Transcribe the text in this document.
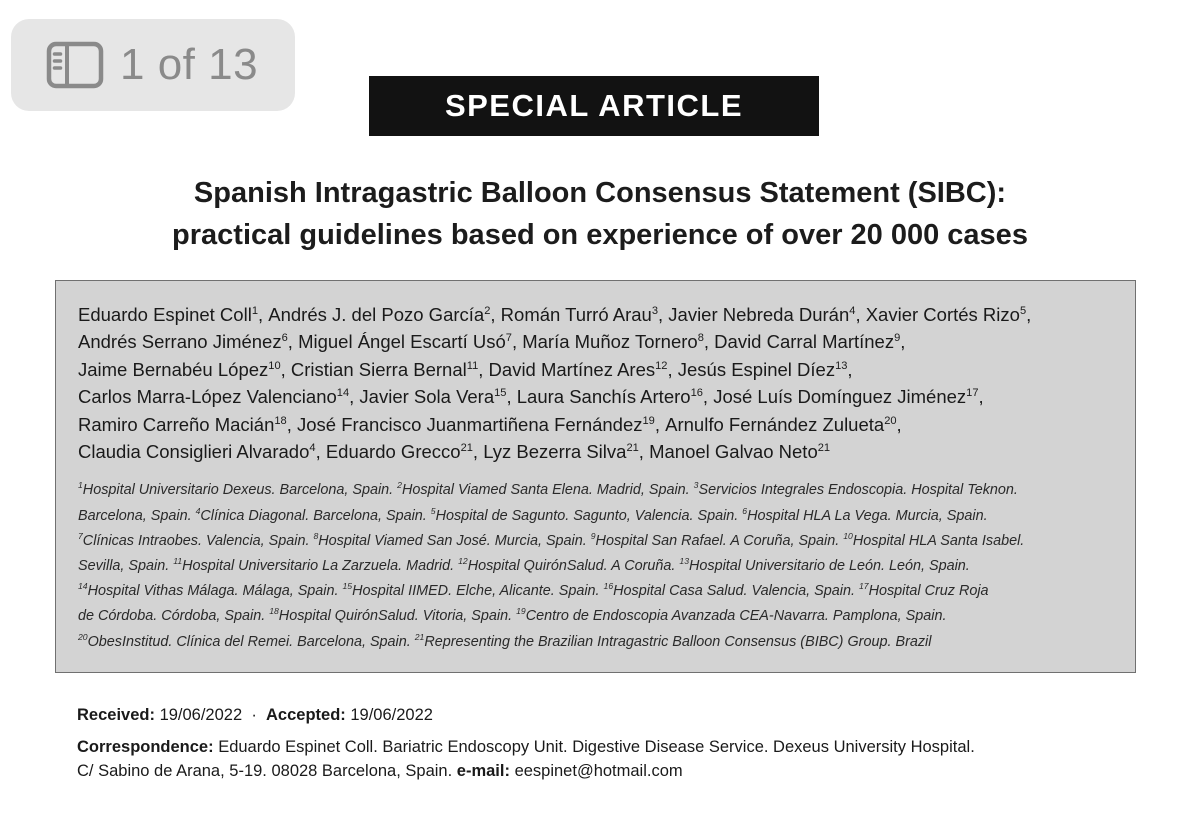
1 of 13
SPECIAL ARTICLE
Spanish Intragastric Balloon Consensus Statement (SIBC):
practical guidelines based on experience of over 20 000 cases
Eduardo Espinet Coll$^1$, Andrés J. del Pozo García$^2$, Román Turró Arau$^3$, Javier Nebreda Durán$^4$, Xavier Cortés Rizo$^5$, Andrés Serrano Jiménez$^6$, Miguel Ángel Escartí Usó$^7$, María Muñoz Tornero$^8$, David Carral Martínez$^9$, Jaime Bernabéu López$^{10}$, Cristian Sierra Bernal$^{11}$, David Martínez Ares$^{12}$, Jesús Espinel Díez$^{13}$, Carlos Marra-López Valenciano$^{14}$, Javier Sola Vera$^{15}$, Laura Sanchís Artero$^{16}$, José Luís Domínguez Jiménez$^{17}$, Ramiro Carreño Macián$^{18}$, José Francisco Juanmartiñena Fernández$^{19}$, Arnulfo Fernández Zulueta$^{20}$, Claudia Consiglieri Alvarado$^4$, Eduardo Grecco$^{21}$, Lyz Bezerra Silva$^{21}$, Manoel Galvao Neto$^{21}$
$^1$Hospital Universitario Dexeus. Barcelona, Spain. $^2$Hospital Viamed Santa Elena. Madrid, Spain. $^3$Servicios Integrales Endoscopia. Hospital Teknon.
Barcelona, Spain. $^4$Clínica Diagonal. Barcelona, Spain. $^5$Hospital de Sagunto. Sagunto, Valencia. Spain. $^6$Hospital HLA La Vega. Murcia, Spain.
$^7$Clínicas Intraobes. Valencia, Spain. $^8$Hospital Viamed San José. Murcia, Spain. $^9$Hospital San Rafael. A Coruña, Spain. $^{10}$Hospital HLA Santa Isabel.
Sevilla, Spain. $^{11}$Hospital Universitario La Zarzuela. Madrid. $^{12}$Hospital QuirónSalud. A Coruña. $^{13}$Hospital Universitario de León. León, Spain.
$^{14}$Hospital Vithas Málaga. Málaga, Spain. $^{15}$Hospital IIMED. Elche, Alicante. Spain. $^{16}$Hospital Casa Salud. Valencia, Spain. $^{17}$Hospital Cruz Roja
de Córdoba. Córdoba, Spain. $^{18}$Hospital QuirónSalud. Vitoria, Spain. $^{19}$Centro de Endoscopia Avanzada CEA-Navarra. Pamplona, Spain.
$^{20}$ObesInstitud. Clínica del Remei. Barcelona, Spain. $^{21}$Representing the Brazilian Intragastric Balloon Consensus (BIBC) Group. Brazil
Received: 19/06/2022 · Accepted: 19/06/2022
Correspondence: Eduardo Espinet Coll. Bariatric Endoscopy Unit. Digestive Disease Service. Dexeus University Hospital.
C/ Sabino de Arana, 5-19. 08028 Barcelona, Spain. e-mail: eespinet@hotmail.com
